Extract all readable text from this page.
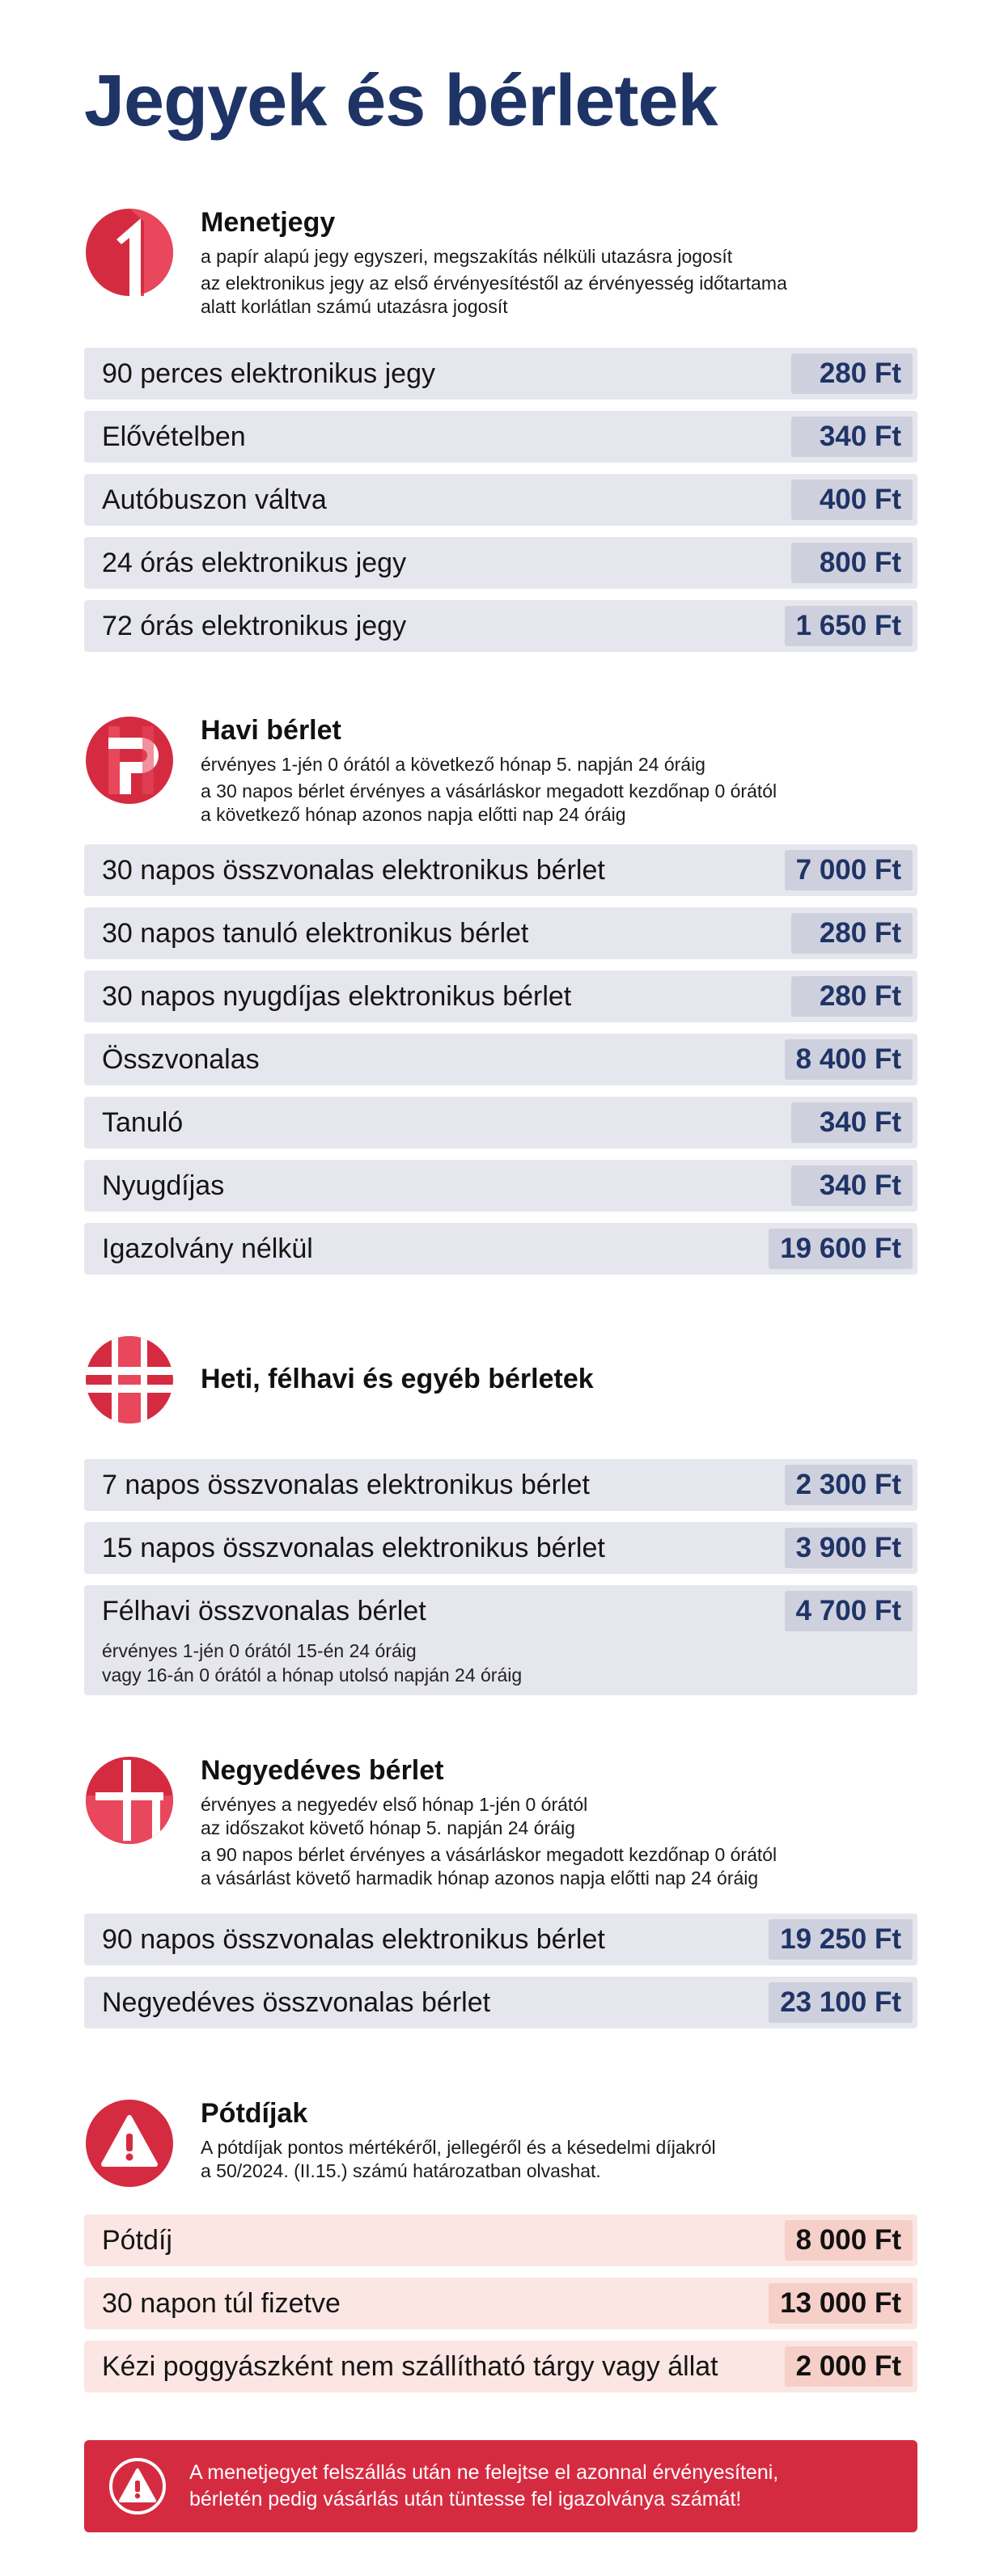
Jegyek és bérletek
Menetjegy

a papír alapú jegy egyszeri, megszakítás nélküli utazásra jogosít

az elektronikus jegy az első érvényesítéstől az érvényesség időtartama

alatt korlátlan számú utazásra jogosít

90 perces elektronikus jegy	280 Ft
Elővételben	340 Ft
Autóbuszon váltva	400 Ft
24 órás elektronikus jegy	800 Ft
72 órás elektronikus jegy	1 650 Ft
Havi bérlet

érvényes 1-jén 0 órától a következő hónap 5. napján 24 óráig

a 30 napos bérlet érvényes a vásárláskor megadott kezdőnap 0 órától

a következő hónap azonos napja előtti nap 24 óráig

30 napos összvonalas elektronikus bérlet	7 000 Ft
30 napos tanuló elektronikus bérlet	280 Ft
30 napos nyugdíjas elektronikus bérlet	280 Ft
Összvonalas	8 400 Ft
Tanuló	340 Ft
Nyugdíjas	340 Ft
Igazolvány nélkül	19 600 Ft
Heti, félhavi és egyéb bérletek
7 napos összvonalas elektronikus bérlet	2 300 Ft
15 napos összvonalas elektronikus bérlet	3 900 Ft
Félhavi összvonalas bérlet	4 700 Ft
érvényes 1-jén 0 órától 15-én 24 óráig
vagy 16-án 0 órától a hónap utolsó napján 24 óráig
Negyedéves bérlet

érvényes a negyedév első hónap 1-jén 0 órától

az időszakot követő hónap 5. napján 24 óráig

a 90 napos bérlet érvényes a vásárláskor megadott kezdőnap 0 órától

a vásárlást követő harmadik hónap azonos napja előtti nap 24 óráig

90 napos összvonalas elektronikus bérlet	19 250 Ft
Negyedéves összvonalas bérlet	23 100 Ft
Pótdíjak

A pótdíjak pontos mértékéről, jellegéről és a késedelmi díjakról

a 50/2024. (II.15.) számú határozatban olvashat.

Pótdíj	8 000 Ft
30 napon túl fizetve	13 000 Ft
Kézi poggyászként nem szállítható tárgy vagy állat	2 000 Ft
A menetjegyet felszállás után ne felejtse el azonnal érvényesíteni,
bérletén pedig vásárlás után tüntesse fel igazolványa számát!
